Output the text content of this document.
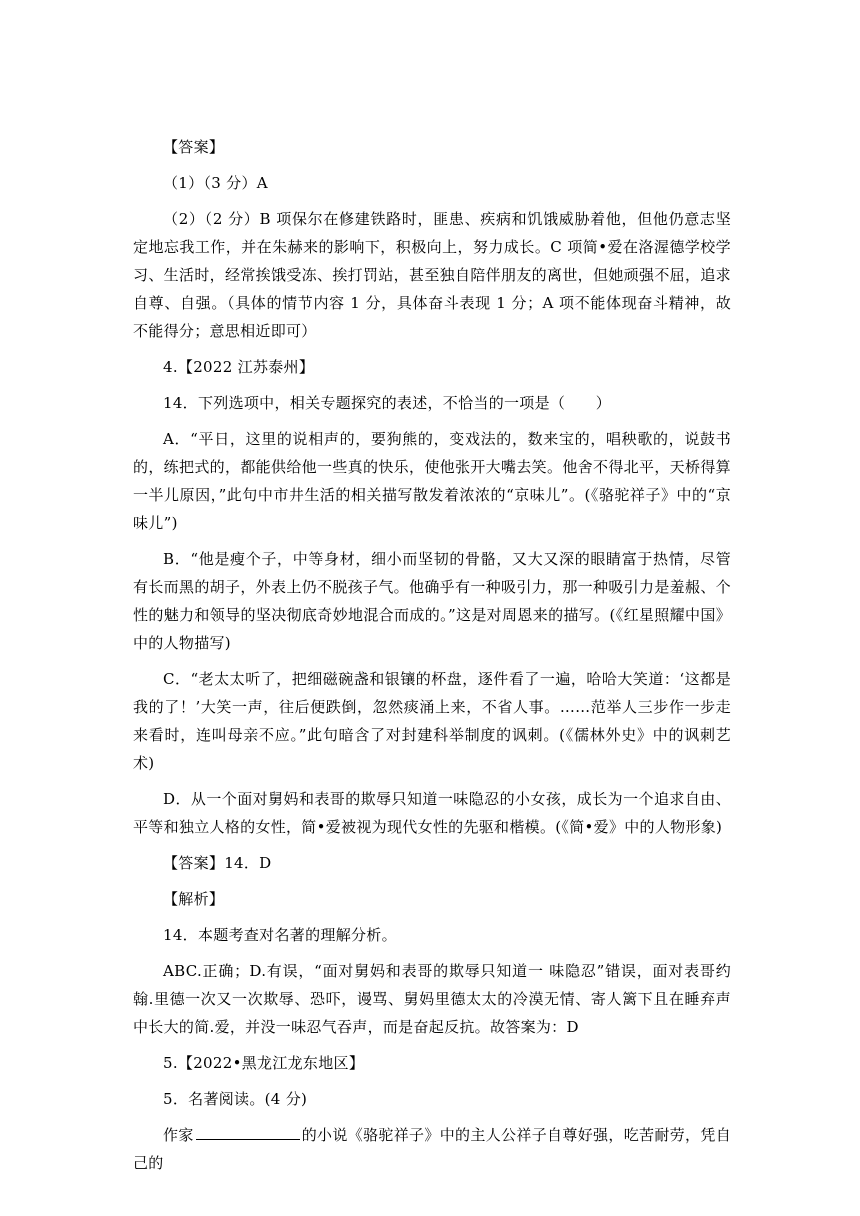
【答案】

（1）（3 分）A

（2）（2 分）B 项保尔在修建铁路时，匪患、疾病和饥饿威胁着他，但他仍意志坚定地忘我工作，并在朱赫来的影响下，积极向上，努力成长。C 项简•爱在洛渥德学校学习、生活时，经常挨饿受冻、挨打罚站，甚至独自陪伴朋友的离世，但她顽强不屈，追求自尊、自强。（具体的情节内容 1 分，具体奋斗表现 1 分；A 项不能体现奋斗精神，故不能得分；意思相近即可）

4.【2022 江苏泰州】

14．下列选项中，相关专题探究的表述，不恰当的一项是（　　）

A．“平日，这里的说相声的，要狗熊的，变戏法的，数来宝的，唱秧歌的，说鼓书的，练把式的，都能供给他一些真的快乐，使他张开大嘴去笑。他舍不得北平，天桥得算一半儿原因，”此句中市井生活的相关描写散发着浓浓的“京味儿”。(《骆驼祥子》中的“京味儿”)

B．“他是瘦个子，中等身材，细小而坚韧的骨骼，又大又深的眼睛富于热情，尽管有长而黑的胡子，外表上仍不脱孩子气。他确乎有一种吸引力，那一种吸引力是羞赧、个性的魅力和领导的坚决彻底奇妙地混合而成的。”这是对周恩来的描写。(《红星照耀中国》中的人物描写)

C．“老太太听了，把细磁碗盏和银镶的杯盘，逐件看了一遍，哈哈大笑道：‘这都是我的了！’大笑一声，往后便跌倒，忽然痰涌上来，不省人事。……范举人三步作一步走来看时，连叫母亲不应。”此句暗含了对封建科举制度的讽刺。(《儒林外史》中的讽刺艺术)

D．从一个面对舅妈和表哥的欺辱只知道一味隐忍的小女孩，成长为一个追求自由、平等和独立人格的女性，简•爱被视为现代女性的先驱和楷模。(《简•爱》中的人物形象)

【答案】14．D

【解析】

14．本题考查对名著的理解分析。

ABC.正确；D.有误，“面对舅妈和表哥的欺辱只知道一 味隐忍”错误，面对表哥约翰.里德一次又一次欺辱、恐吓，谩骂、舅妈里德太太的冷漠无情、寄人篱下且在睡弃声中长大的简.爱，并没一味忍气吞声，而是奋起反抗。故答案为：D

5.【2022•黑龙江龙东地区】

5．名著阅读。(4 分)

作家	的小说《骆驼祥子》中的主人公祥子自尊好强，吃苦耐劳，凭自己的
